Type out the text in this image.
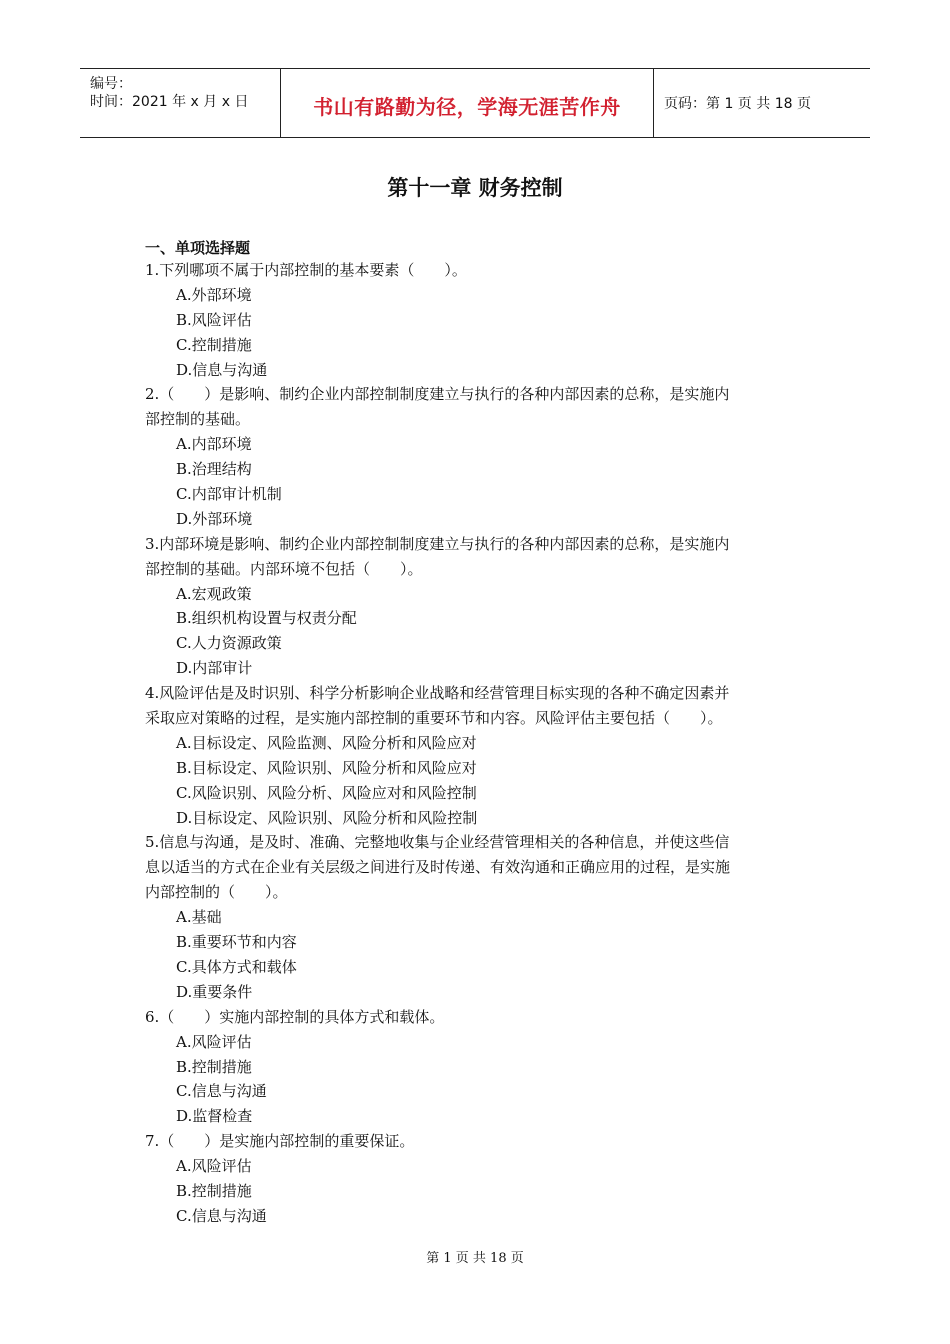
编号：
时间：2021 年 x 月 x 日	书山有路勤为径，学海无涯苦作舟	页码：第 1 页 共 18 页
第十一章 财务控制
一、单项选择题
1.下列哪项不属于内部控制的基本要素（　　）。
A.外部环境
B.风险评估
C.控制措施
D.信息与沟通
2.（　　）是影响、制约企业内部控制制度建立与执行的各种内部因素的总称，是实施内
部控制的基础。
A.内部环境
B.治理结构
C.内部审计机制
D.外部环境
3.内部环境是影响、制约企业内部控制制度建立与执行的各种内部因素的总称，是实施内
部控制的基础。内部环境不包括（　　）。
A.宏观政策
B.组织机构设置与权责分配
C.人力资源政策
D.内部审计
4.风险评估是及时识别、科学分析影响企业战略和经营管理目标实现的各种不确定因素并
采取应对策略的过程，是实施内部控制的重要环节和内容。风险评估主要包括（　　）。
A.目标设定、风险监测、风险分析和风险应对
B.目标设定、风险识别、风险分析和风险应对
C.风险识别、风险分析、风险应对和风险控制
D.目标设定、风险识别、风险分析和风险控制
5.信息与沟通，是及时、准确、完整地收集与企业经营管理相关的各种信息，并使这些信
息以适当的方式在企业有关层级之间进行及时传递、有效沟通和正确应用的过程，是实施
内部控制的（　　）。
A.基础
B.重要环节和内容
C.具体方式和载体
D.重要条件
6.（　　）实施内部控制的具体方式和载体。
A.风险评估
B.控制措施
C.信息与沟通
D.监督检查
7.（　　）是实施内部控制的重要保证。
A.风险评估
B.控制措施
C.信息与沟通
第 1 页 共 18 页
